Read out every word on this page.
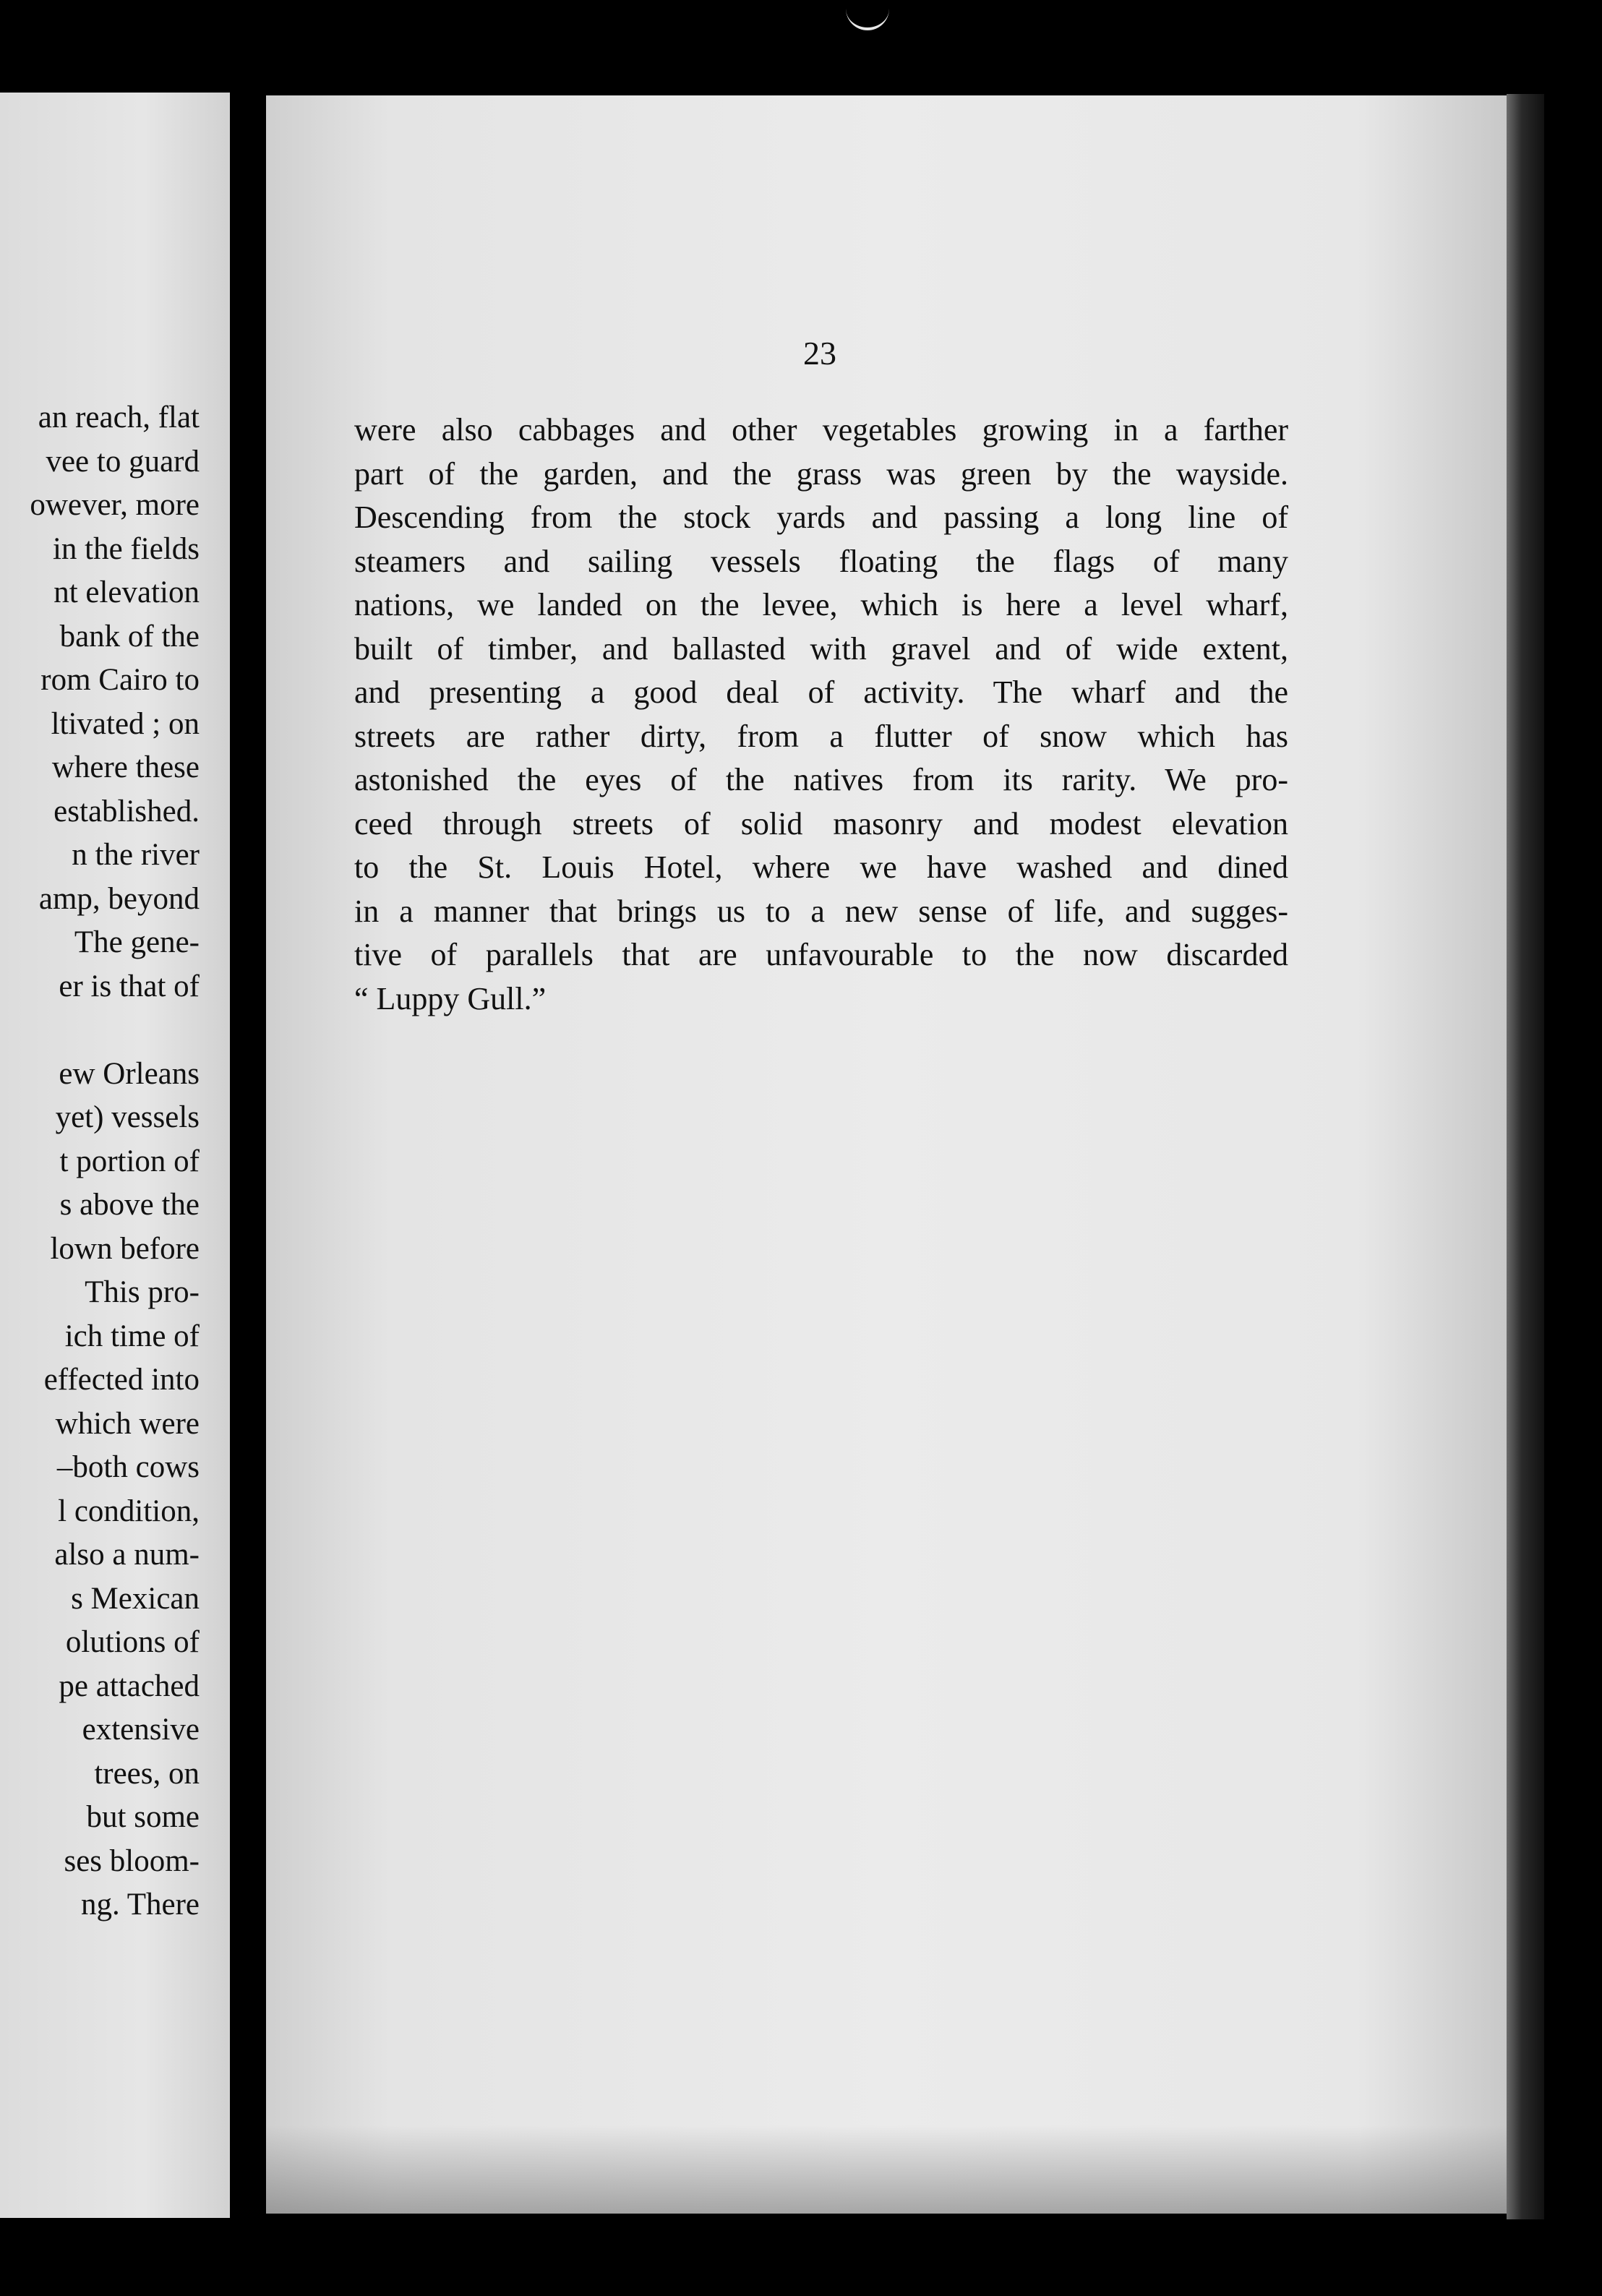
an reach, flat
vee to guard
owever, more
in the fields
nt elevation
bank of the
rom Cairo to
ltivated ; on
where these
established.
n the river
amp, beyond
The gene-
er is that of

ew Orleans
yet) vessels
t portion of
s above the
lown before
This pro-
ich time of
effected into
which were
–both cows
l condition,
also a num-
s Mexican
olutions of
pe attached
extensive
trees, on
but some
ses bloom-
ng. There
23
were also cabbages and other vegetables growing in a farther
part of the garden, and the grass was green by the wayside.
Descending from the stock yards and passing a long line of
steamers and sailing vessels floating the flags of many
nations, we landed on the levee, which is here a level wharf,
built of timber, and ballasted with gravel and of wide extent,
and presenting a good deal of activity. The wharf and the
streets are rather dirty, from a flutter of snow which has
astonished the eyes of the natives from its rarity. We pro-
ceed through streets of solid masonry and modest elevation
to the St. Louis Hotel, where we have washed and dined
in a manner that brings us to a new sense of life, and sugges-
tive of parallels that are unfavourable to the now discarded
“ Luppy Gull.”
